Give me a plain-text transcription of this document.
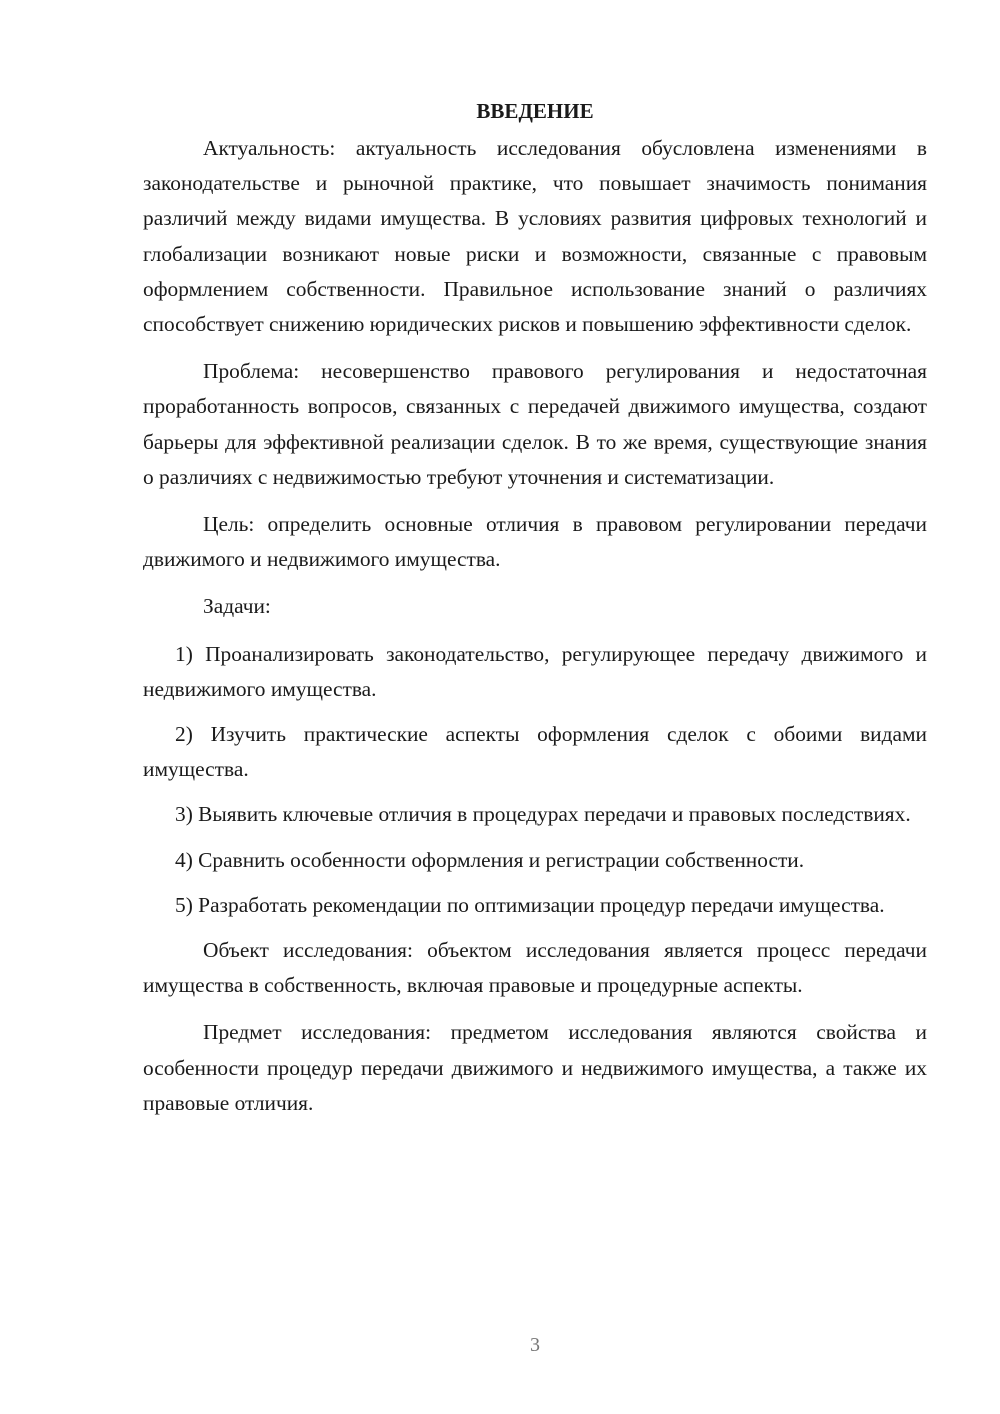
ВВЕДЕНИЕ

Актуальность: актуальность исследования обусловлена изменениями в законодательстве и рыночной практике, что повышает значимость понимания различий между видами имущества. В условиях развития цифровых технологий и глобализации возникают новые риски и возможности, связанные с правовым оформлением собственности. Правильное использование знаний о различиях способствует снижению юридических рисков и повышению эффективности сделок.

Проблема: несовершенство правового регулирования и недостаточная проработанность вопросов, связанных с передачей движимого имущества, создают барьеры для эффективной реализации сделок. В то же время, существующие знания о различиях с недвижимостью требуют уточнения и систематизации.

Цель: определить основные отличия в правовом регулировании передачи движимого и недвижимого имущества.

Задачи:

1) Проанализировать законодательство, регулирующее передачу движимого и недвижимого имущества.

2) Изучить практические аспекты оформления сделок с обоими видами имущества.

3) Выявить ключевые отличия в процедурах передачи и правовых последствиях.

4) Сравнить особенности оформления и регистрации собственности.

5) Разработать рекомендации по оптимизации процедур передачи имущества.

Объект исследования: объектом исследования является процесс передачи имущества в собственность, включая правовые и процедурные аспекты.

Предмет исследования: предметом исследования являются свойства и особенности процедур передачи движимого и недвижимого имущества, а также их правовые отличия.

3
